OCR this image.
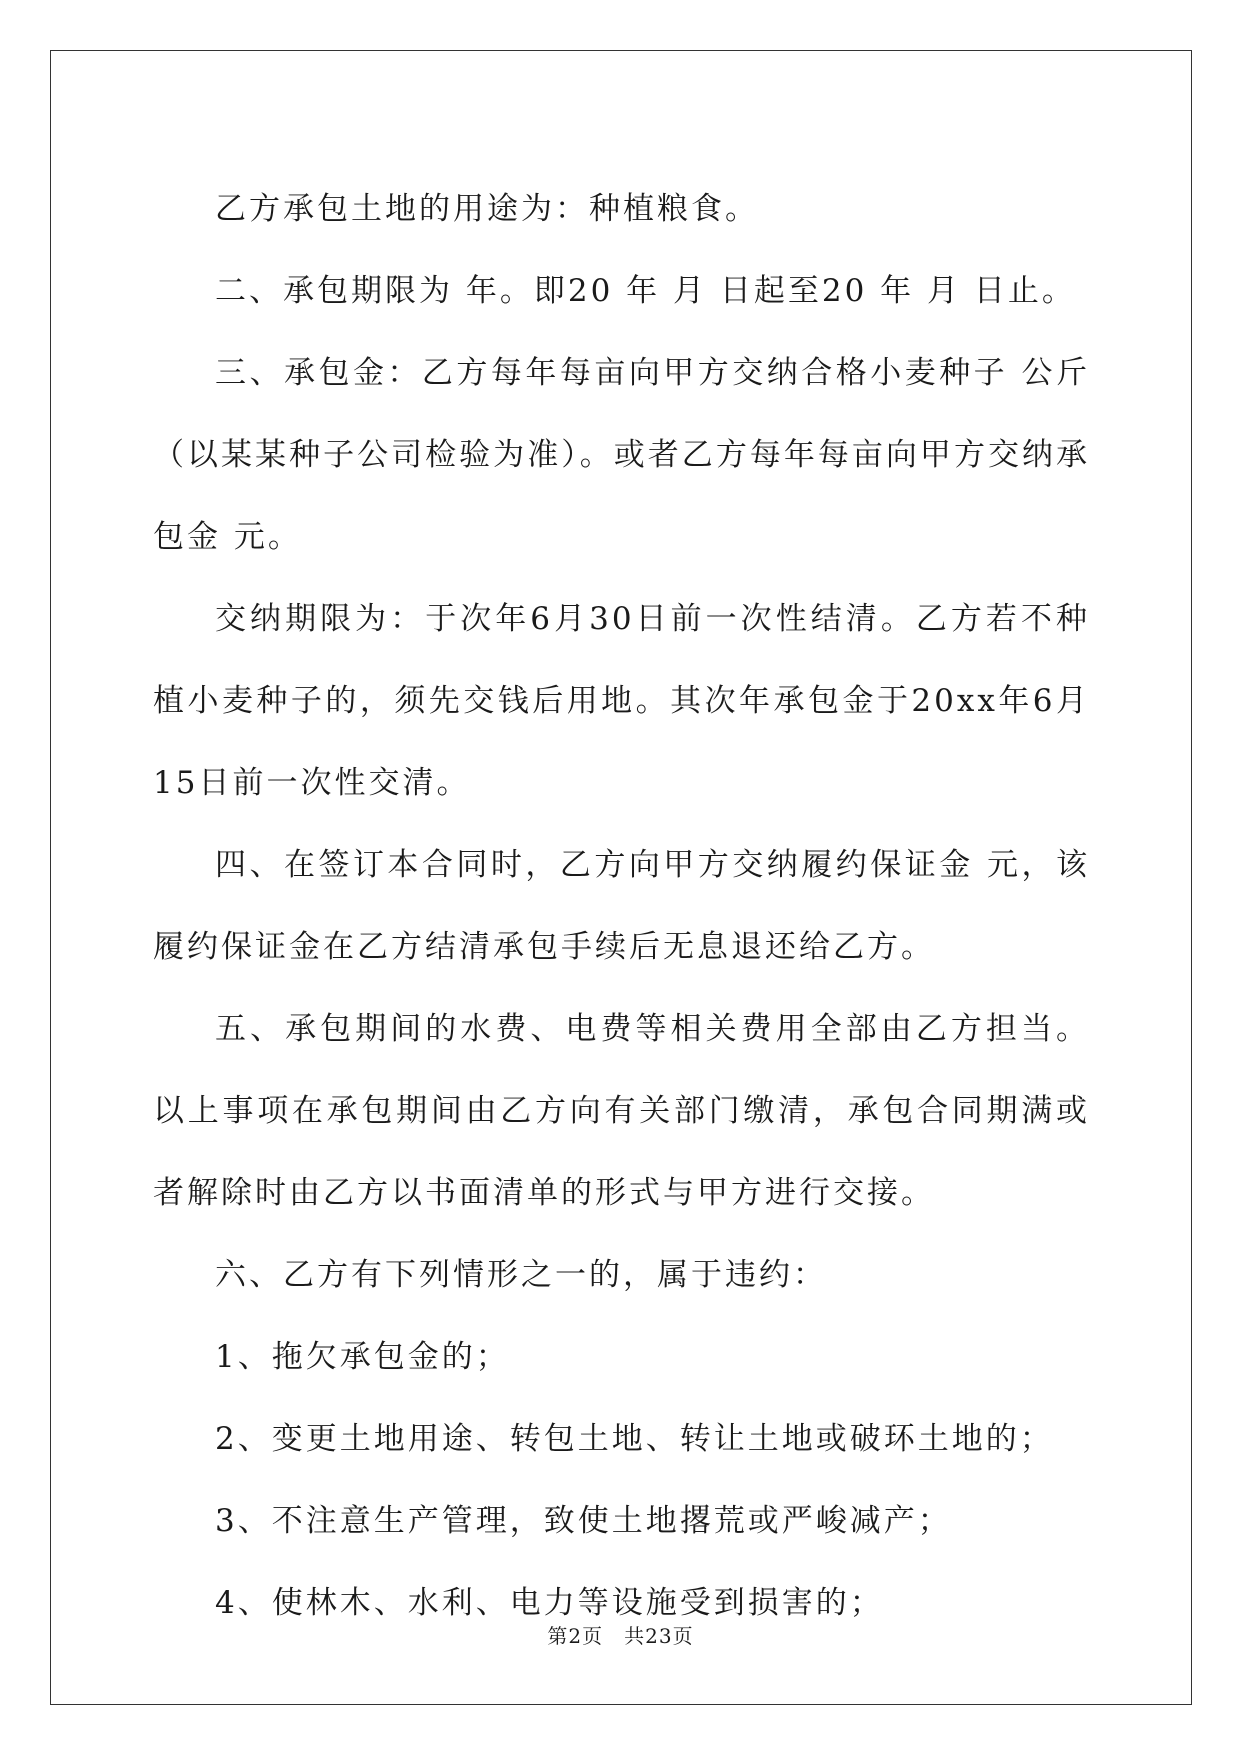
乙方承包土地的用途为：种植粮食。

二、承包期限为 年。即20 年 月 日起至20 年 月 日止。

三、承包金：乙方每年每亩向甲方交纳合格小麦种子 公斤（以某某种子公司检验为准）。或者乙方每年每亩向甲方交纳承包金 元。

交纳期限为：于次年6月30日前一次性结清。乙方若不种植小麦种子的，须先交钱后用地。其次年承包金于20xx年6月15日前一次性交清。

四、在签订本合同时，乙方向甲方交纳履约保证金 元，该履约保证金在乙方结清承包手续后无息退还给乙方。

五、承包期间的水费、电费等相关费用全部由乙方担当。以上事项在承包期间由乙方向有关部门缴清，承包合同期满或者解除时由乙方以书面清单的形式与甲方进行交接。

六、乙方有下列情形之一的，属于违约：

1、拖欠承包金的；

2、变更土地用途、转包土地、转让土地或破环土地的；

3、不注意生产管理，致使土地撂荒或严峻减产；

4、使林木、水利、电力等设施受到损害的；

第2页　共23页
